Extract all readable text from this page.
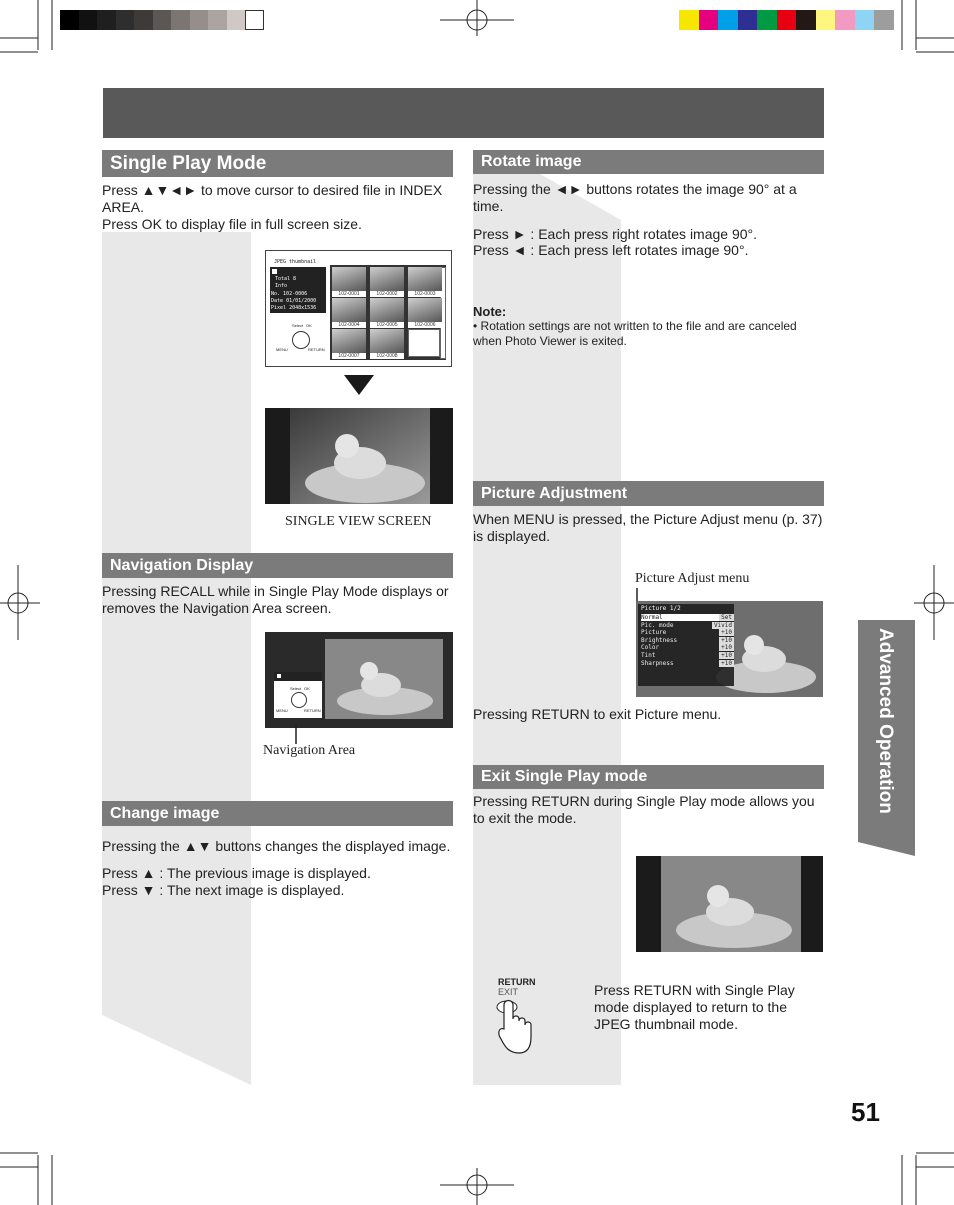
Single Play Mode
Press ▲▼◄► to move cursor to desired file in INDEX AREA.
Press OK to display file in full screen size.
JPEG thumbnail
Total 8
Info
No. 102-0006
Date 01/01/2000
Pixel 2048x1536
Select OK
MENU	RETURN
102-0001	102-0002	102-0003
102-0004	102-0005	102-0006
102-0007	102-0008
SINGLE VIEW SCREEN
Navigation Display
Pressing RECALL while in Single Play Mode displays or removes the Navigation Area screen.
Select OK
MENU	RETURN
Navigation Area
Change image
Pressing the ▲▼ buttons changes the displayed image.
Press ▲ : The previous image is displayed.
Press ▼ : The next image is displayed.
Rotate image
Pressing the ◄► buttons rotates the image 90° at a time.
Press ► : Each press right rotates image 90°.
Press ◄ : Each press left rotates image 90°.
Note:
• Rotation settings are not written to the file and are canceled when Photo Viewer is exited.
Picture Adjustment
When MENU is pressed, the Picture Adjust menu (p. 37) is displayed.
Picture Adjust menu
Picture 1/2
Normal	Set
Pic. mode	Vivid
Picture	+10
Brightness	+10
Color	+10
Tint	+10
Sharpness	+10
Pressing RETURN to exit Picture menu.
Exit Single Play mode
Pressing RETURN during Single Play mode allows you to exit the mode.
RETURN
EXIT	Press RETURN with Single Play mode displayed to return to the JPEG thumbnail mode.
Advanced Operation
51
